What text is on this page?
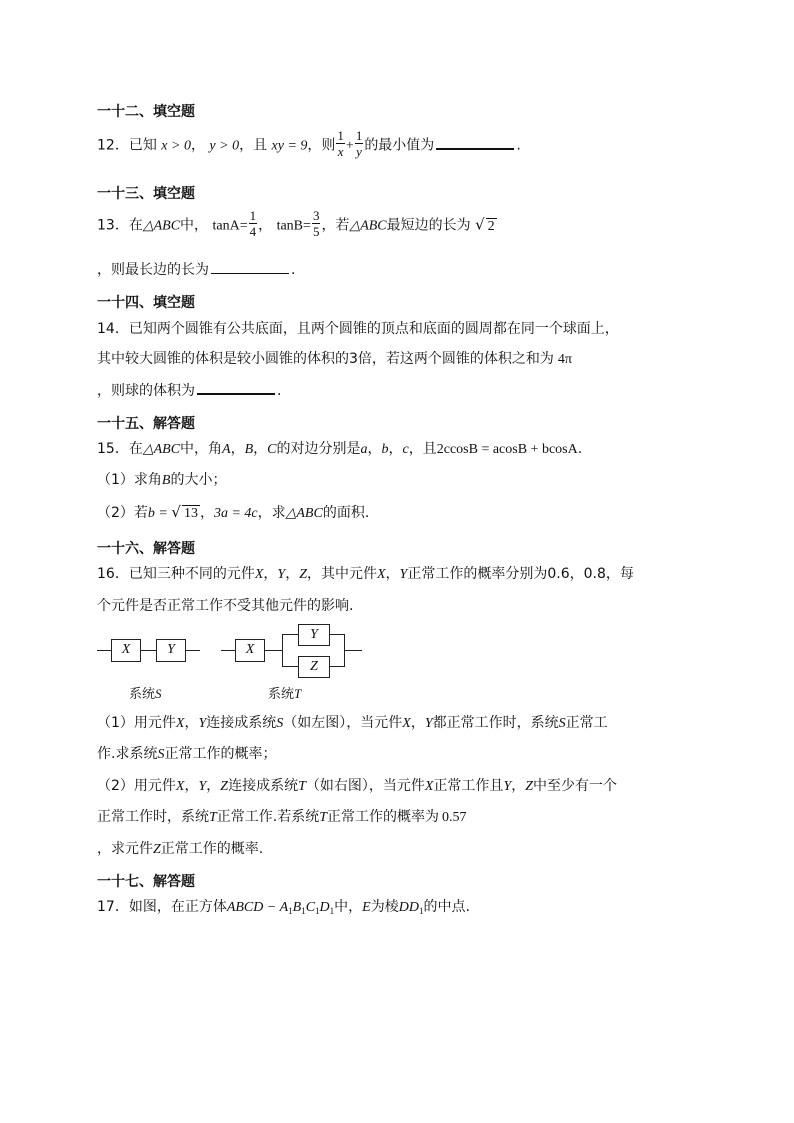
一十二、填空题
12．已知 x > 0， y > 0，且 xy = 9，则 $\frac{1}{x} + \frac{1}{y}$ 的最小值为	.
一十三、填空题
13．在△ABC中， $\tan A= \frac{1}{4}$ ， $\tan B= \frac{3}{5}$ ，若△ABC最短边的长为 √ 2
，则最长边的长为	.
一十四、填空题
14．已知两个圆锥有公共底面，且两个圆锥的顶点和底面的圆周都在同一个球面上，
其中较大圆锥的体积是较小圆锥的体积的3倍，若这两个圆锥的体积之和为 4π
，则球的体积为	.
一十五、解答题
15．在△ABC中，角A，B，C的对边分别是a，b，c，且2ccosB = acosB + bcosA.
（1）求角B的大小；
（2）若b = √ 13 ，3a = 4c，求△ABC的面积.
一十六、解答题
16．已知三种不同的元件X，Y，Z，其中元件X，Y正常工作的概率分别为0.6，0.8，每
个元件是否正常工作不受其他元件的影响.
X	Y
系统S
X
Y
Z
系统T
（1）用元件X，Y连接成系统S（如左图），当元件X，Y都正常工作时，系统S正常工
作.求系统S正常工作的概率；
（2）用元件X，Y，Z连接成系统T（如右图），当元件X正常工作且Y，Z中至少有一个
正常工作时，系统T正常工作.若系统T正常工作的概率为 0.57
，求元件Z正常工作的概率.
一十七、解答题
17．如图，在正方体ABCD − $A_1B_1C_1D_1$中，E为棱$DD_1$的中点.
